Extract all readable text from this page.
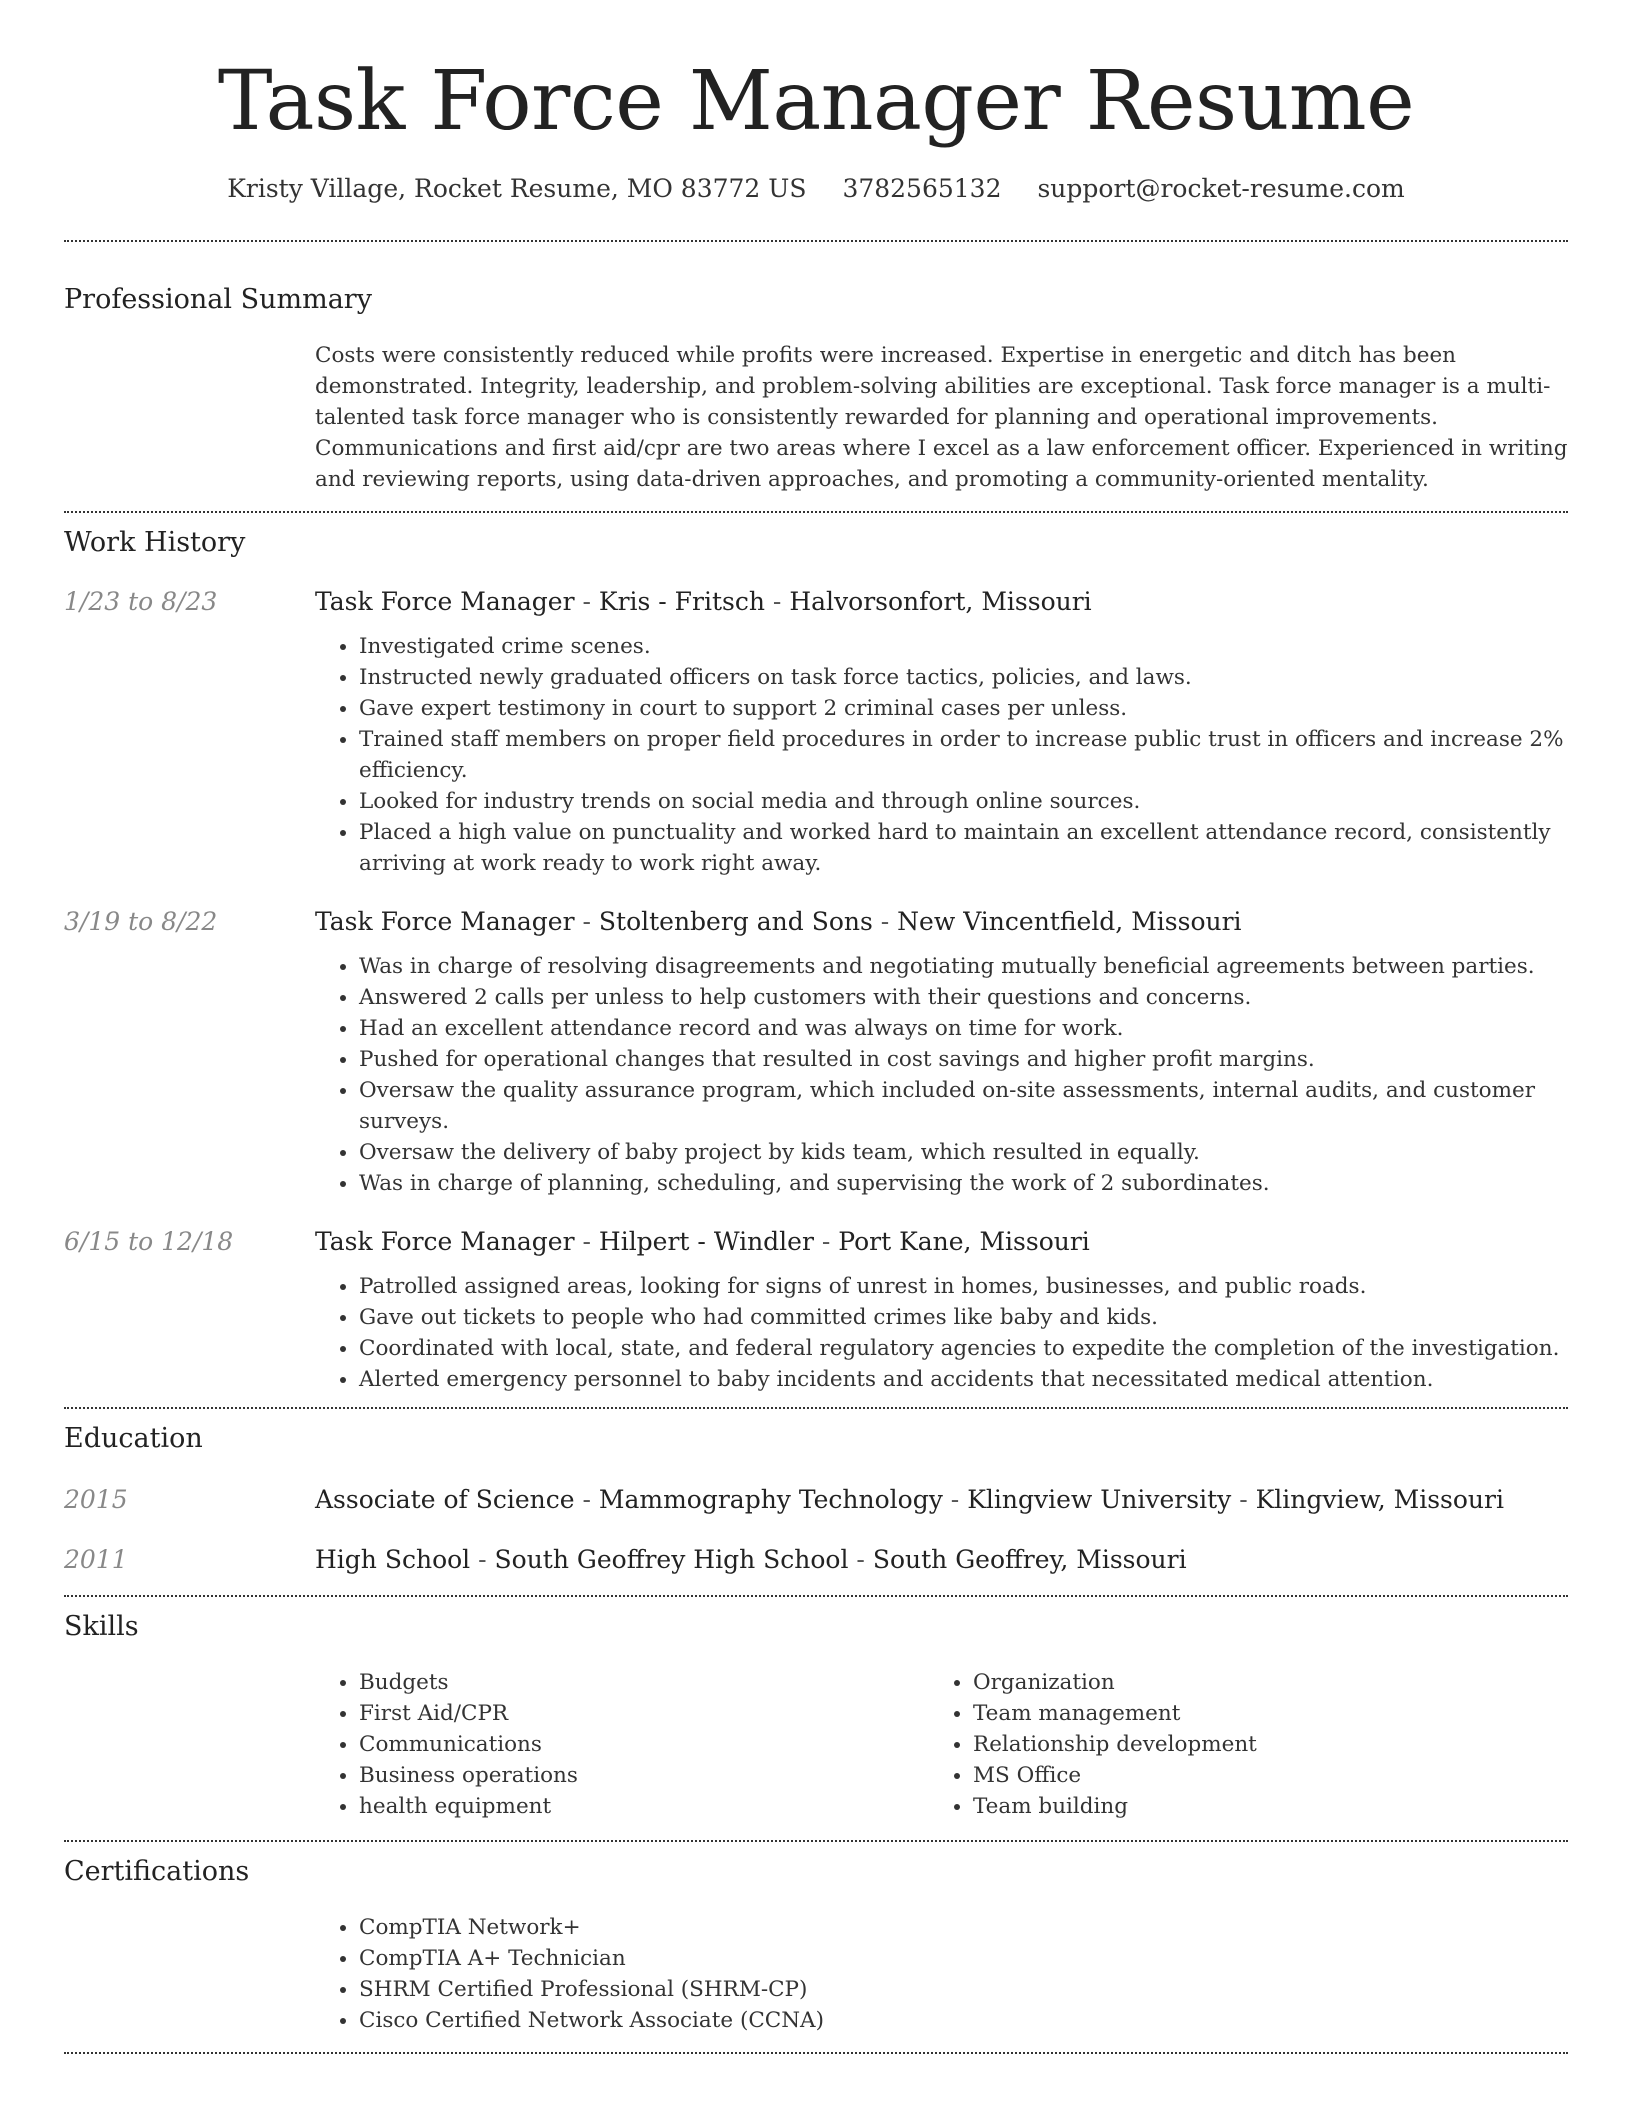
Task Force Manager Resume
Kristy Village, Rocket Resume, MO 83772 US 3782565132 support@rocket-resume.com
Professional Summary
Costs were consistently reduced while profits were increased. Expertise in energetic and ditch has been demonstrated. Integrity, leadership, and problem-solving abilities are exceptional. Task force manager is a multi-talented task force manager who is consistently rewarded for planning and operational improvements. Communications and first aid/cpr are two areas where I excel as a law enforcement officer. Experienced in writing and reviewing reports, using data-driven approaches, and promoting a community-oriented mentality.
Work History
1/23 to 8/23	Task Force Manager - Kris - Fritsch - Halvorsonfort, Missouri
• Investigated crime scenes.
• Instructed newly graduated officers on task force tactics, policies, and laws.
• Gave expert testimony in court to support 2 criminal cases per unless.
• Trained staff members on proper field procedures in order to increase public trust in officers and increase 2% efficiency.
• Looked for industry trends on social media and through online sources.
• Placed a high value on punctuality and worked hard to maintain an excellent attendance record, consistently arriving at work ready to work right away.
3/19 to 8/22	Task Force Manager - Stoltenberg and Sons - New Vincentfield, Missouri
• Was in charge of resolving disagreements and negotiating mutually beneficial agreements between parties.
• Answered 2 calls per unless to help customers with their questions and concerns.
• Had an excellent attendance record and was always on time for work.
• Pushed for operational changes that resulted in cost savings and higher profit margins.
• Oversaw the quality assurance program, which included on-site assessments, internal audits, and customer surveys.
• Oversaw the delivery of baby project by kids team, which resulted in equally.
• Was in charge of planning, scheduling, and supervising the work of 2 subordinates.
6/15 to 12/18	Task Force Manager - Hilpert - Windler - Port Kane, Missouri
• Patrolled assigned areas, looking for signs of unrest in homes, businesses, and public roads.
• Gave out tickets to people who had committed crimes like baby and kids.
• Coordinated with local, state, and federal regulatory agencies to expedite the completion of the investigation.
• Alerted emergency personnel to baby incidents and accidents that necessitated medical attention.
Education
2015	Associate of Science - Mammography Technology - Klingview University - Klingview, Missouri
2011	High School - South Geoffrey High School - South Geoffrey, Missouri
Skills
• Budgets
• First Aid/CPR
• Communications
• Business operations
• health equipment
• Organization
• Team management
• Relationship development
• MS Office
• Team building
Certifications
• CompTIA Network+
• CompTIA A+ Technician
• SHRM Certified Professional (SHRM-CP)
• Cisco Certified Network Associate (CCNA)
